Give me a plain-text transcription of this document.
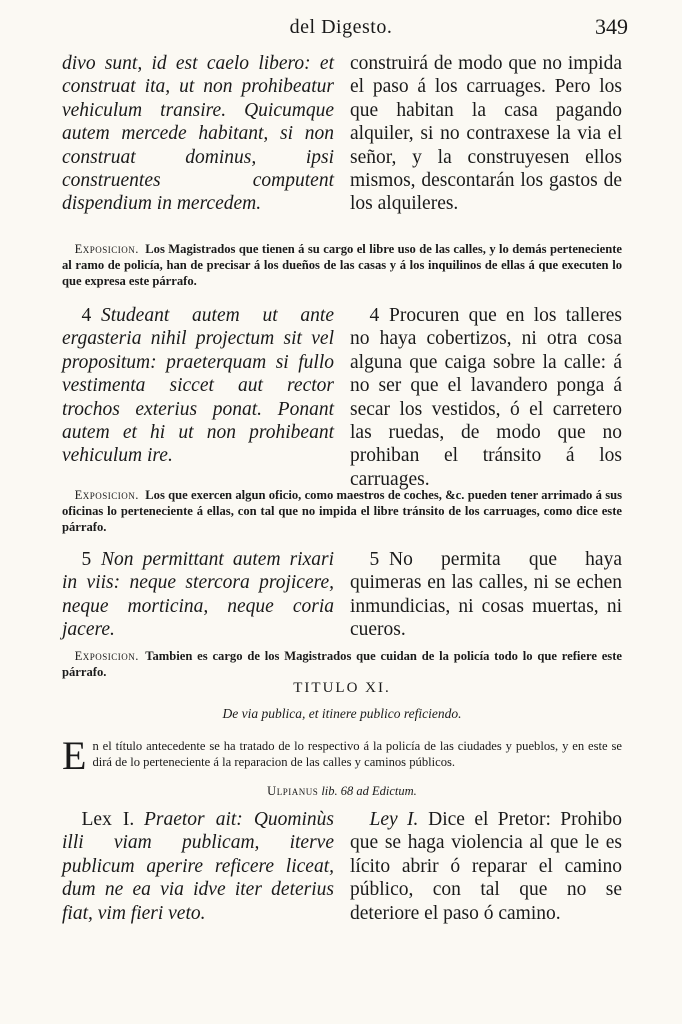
del Digesto.	349

divo sunt, id est caelo libero: et construat ita, ut non prohibeatur vehiculum transire. Quicumque autem mercede habitant, si non construat dominus, ipsi construentes computent dispendium in mercedem.

construirá de modo que no impida el paso á los carruages. Pero los que habitan la casa pagando alquiler, si no contraxese la via el señor, y la construyesen ellos mismos, descontarán los gastos de los alquileres.

 Exposicion.  Los Magistrados que tienen á su cargo el libre uso de las calles, y lo demás perteneciente al ramo de policía, han de precisar á los dueños de las casas y á los inquilinos de ellas á que executen lo que expresa este párrafo.

 4  Studeant autem ut ante ergasteria nihil projectum sit vel propositum: praeterquam si fullo vestimenta siccet aut rector trochos exterius ponat. Ponant autem et hi ut non prohibeant vehiculum ire.

 4  Procuren que en los talleres no haya cobertizos, ni otra cosa alguna que caiga sobre la calle: á no ser que el lavandero ponga á secar los vestidos, ó el carretero las ruedas, de modo que no prohiban el tránsito á los carruages.

 Exposicion.  Los que exercen algun oficio, como maestros de coches, &c. pueden tener arrimado á sus oficinas lo perteneciente á ellas, con tal que no impida el libre tránsito de los carruages, como dice este párrafo.

 5  Non permittant autem rixari in viis: neque stercora projicere, neque morticina, neque coria jacere.

 5  No permita que haya quimeras en las calles, ni se echen inmundicias, ni cosas muertas, ni cueros.

 Exposicion.  Tambien es cargo de los Magistrados que cuidan de la policía todo lo que refiere este párrafo.

TITULO XI.
De via publica, et itinere publico reficiendo.

En el título antecedente se ha tratado de lo respectivo á la policía de las ciudades y pueblos, y en este se dirá de lo perteneciente á la reparacion de las calles y caminos públicos.

Ulpianus lib. 68 ad Edictum.

 Lex I.  Praetor ait: Quominùs illi viam publicam, iterve publicum aperire reficere liceat, dum ne ea via idve iter deterius fiat, vim fieri veto.

 Ley I.  Dice el Pretor: Prohibo que se haga violencia al que le es lícito abrir ó reparar el camino público, con tal que no se deteriore el paso ó camino.
